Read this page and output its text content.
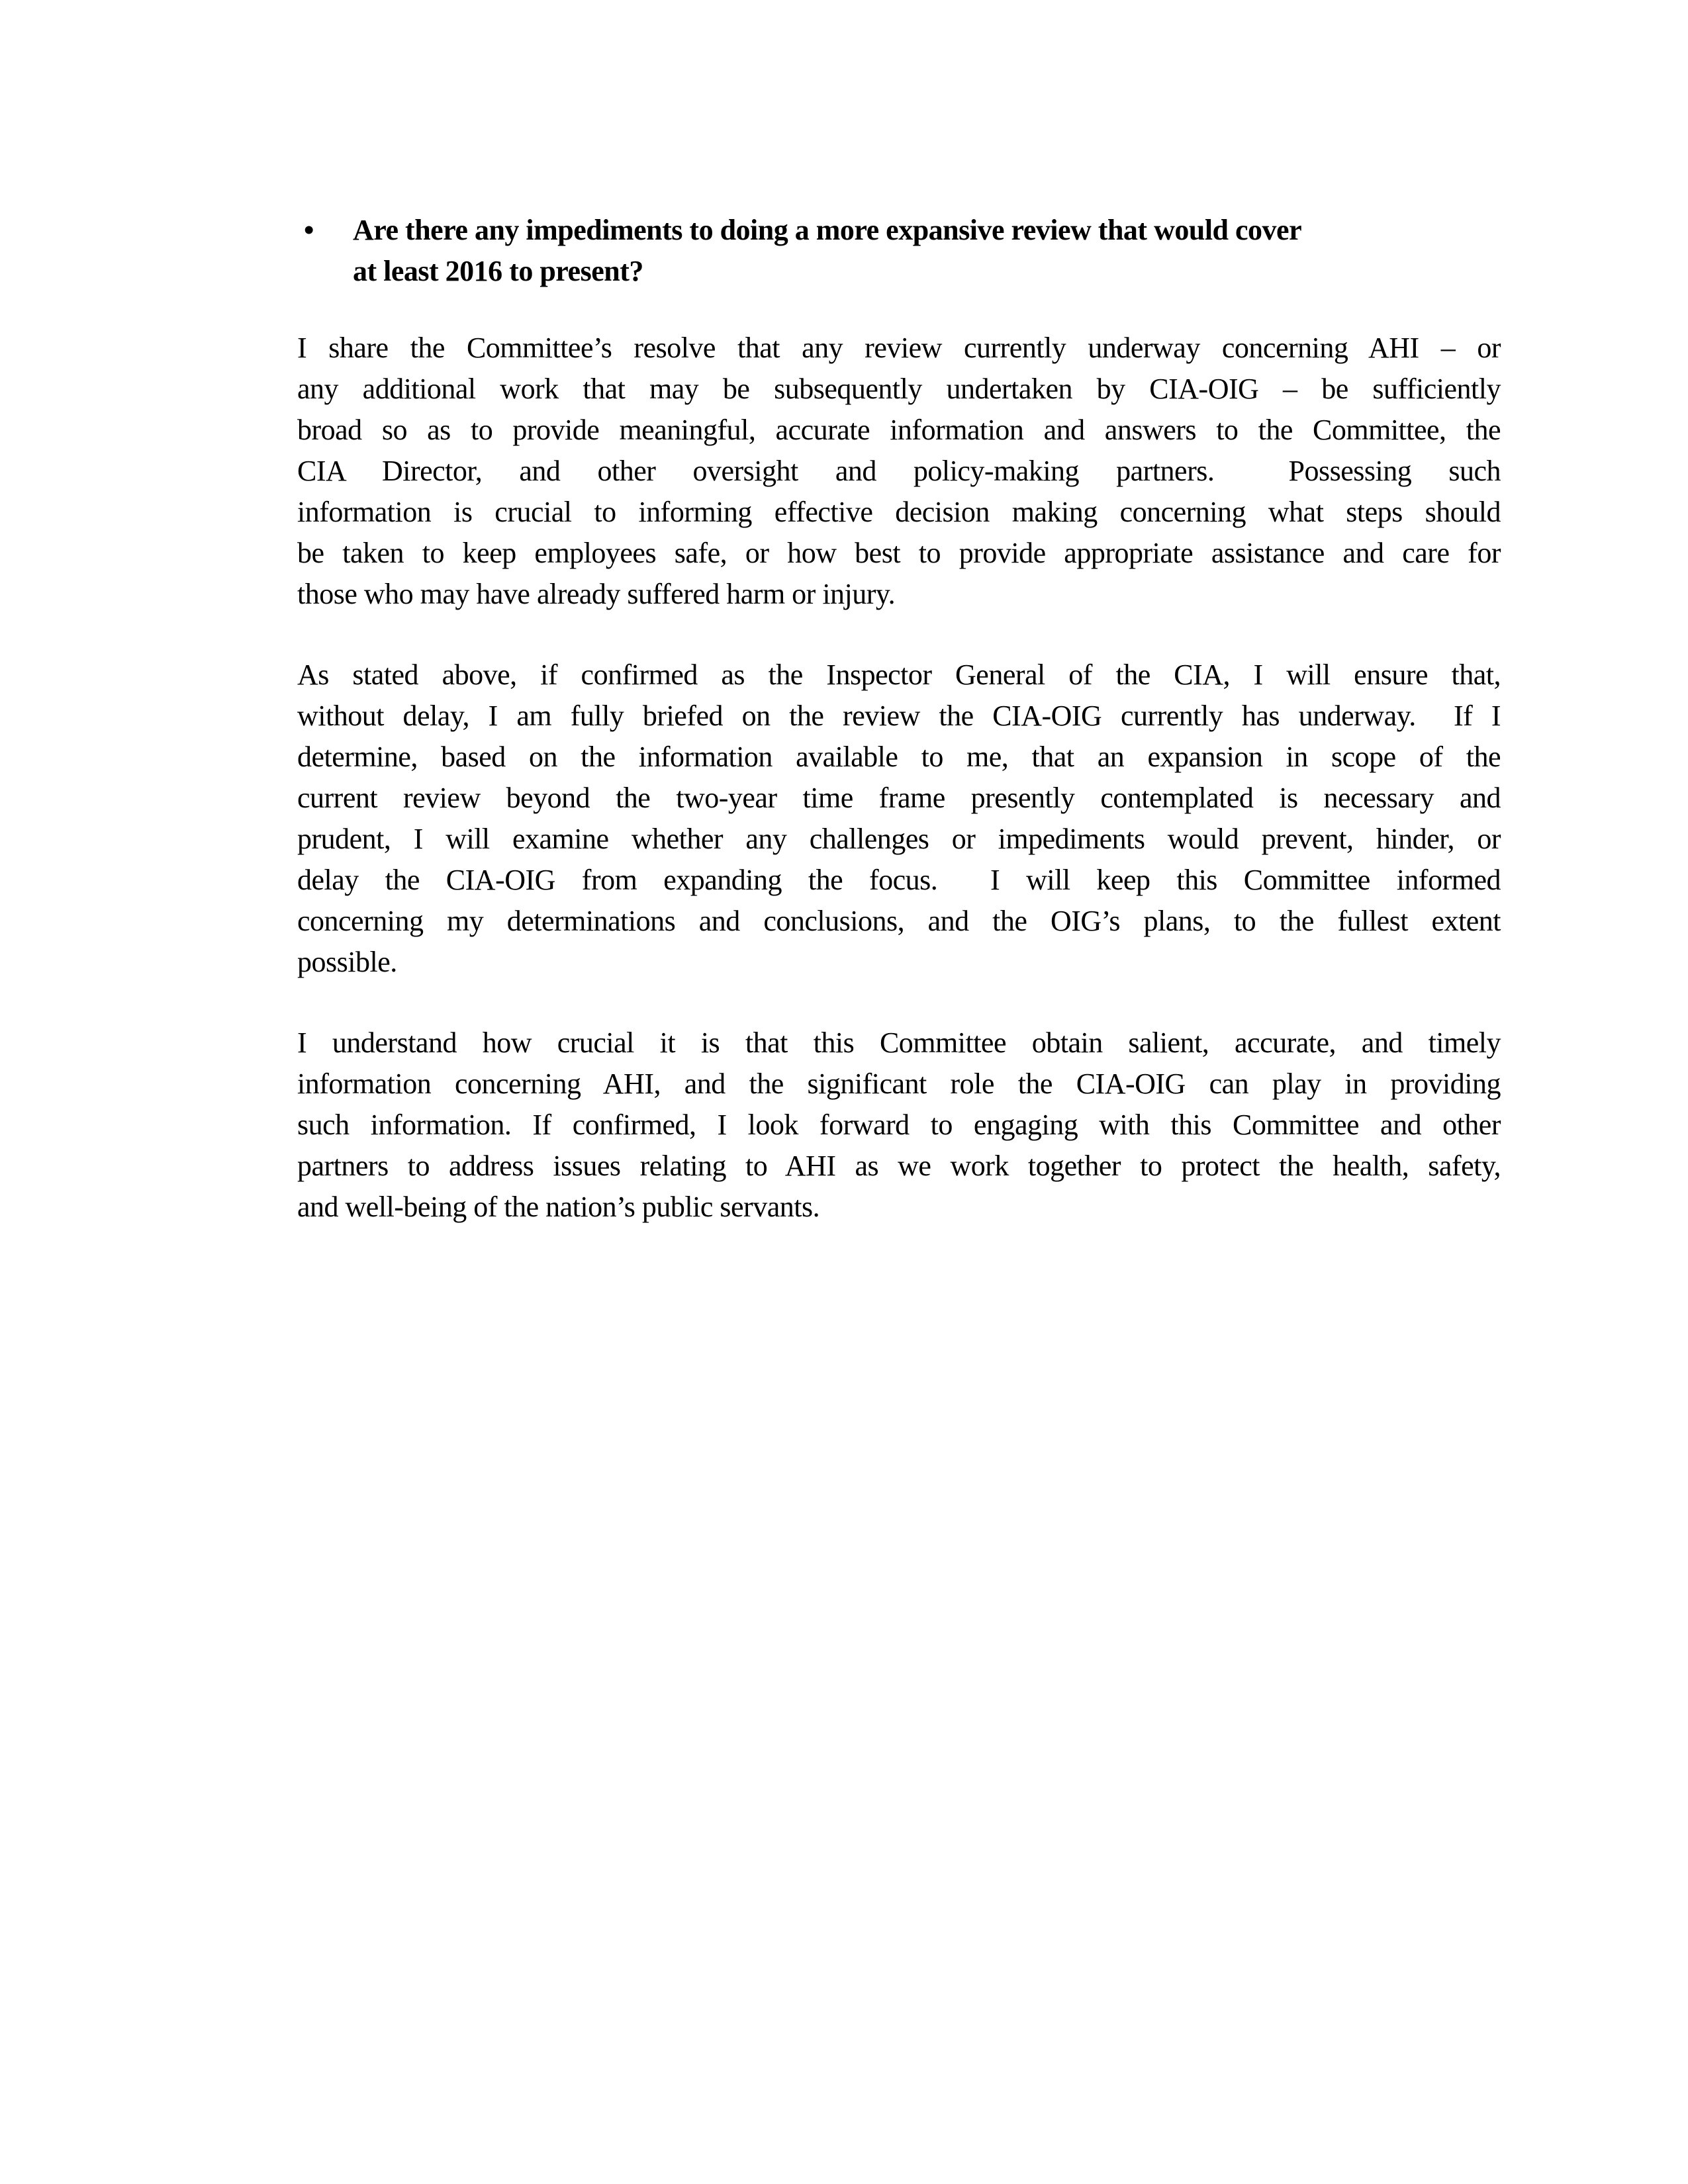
• Are there any impediments to doing a more expansive review that would cover
at least 2016 to present?
I share the Committee’s resolve that any review currently underway concerning AHI – or
any additional work that may be subsequently undertaken by CIA-OIG – be sufficiently
broad so as to provide meaningful, accurate information and answers to the Committee, the
CIA Director, and other oversight and policy-making partners.  Possessing such
information is crucial to informing effective decision making concerning what steps should
be taken to keep employees safe, or how best to provide appropriate assistance and care for
those who may have already suffered harm or injury.
As stated above, if confirmed as the Inspector General of the CIA, I will ensure that,
without delay, I am fully briefed on the review the CIA-OIG currently has underway.  If I
determine, based on the information available to me, that an expansion in scope of the
current review beyond the two-year time frame presently contemplated is necessary and
prudent, I will examine whether any challenges or impediments would prevent, hinder, or
delay the CIA-OIG from expanding the focus.  I will keep this Committee informed
concerning my determinations and conclusions, and the OIG’s plans, to the fullest extent
possible.
I understand how crucial it is that this Committee obtain salient, accurate, and timely
information concerning AHI, and the significant role the CIA-OIG can play in providing
such information. If confirmed, I look forward to engaging with this Committee and other
partners to address issues relating to AHI as we work together to protect the health, safety,
and well-being of the nation’s public servants.
